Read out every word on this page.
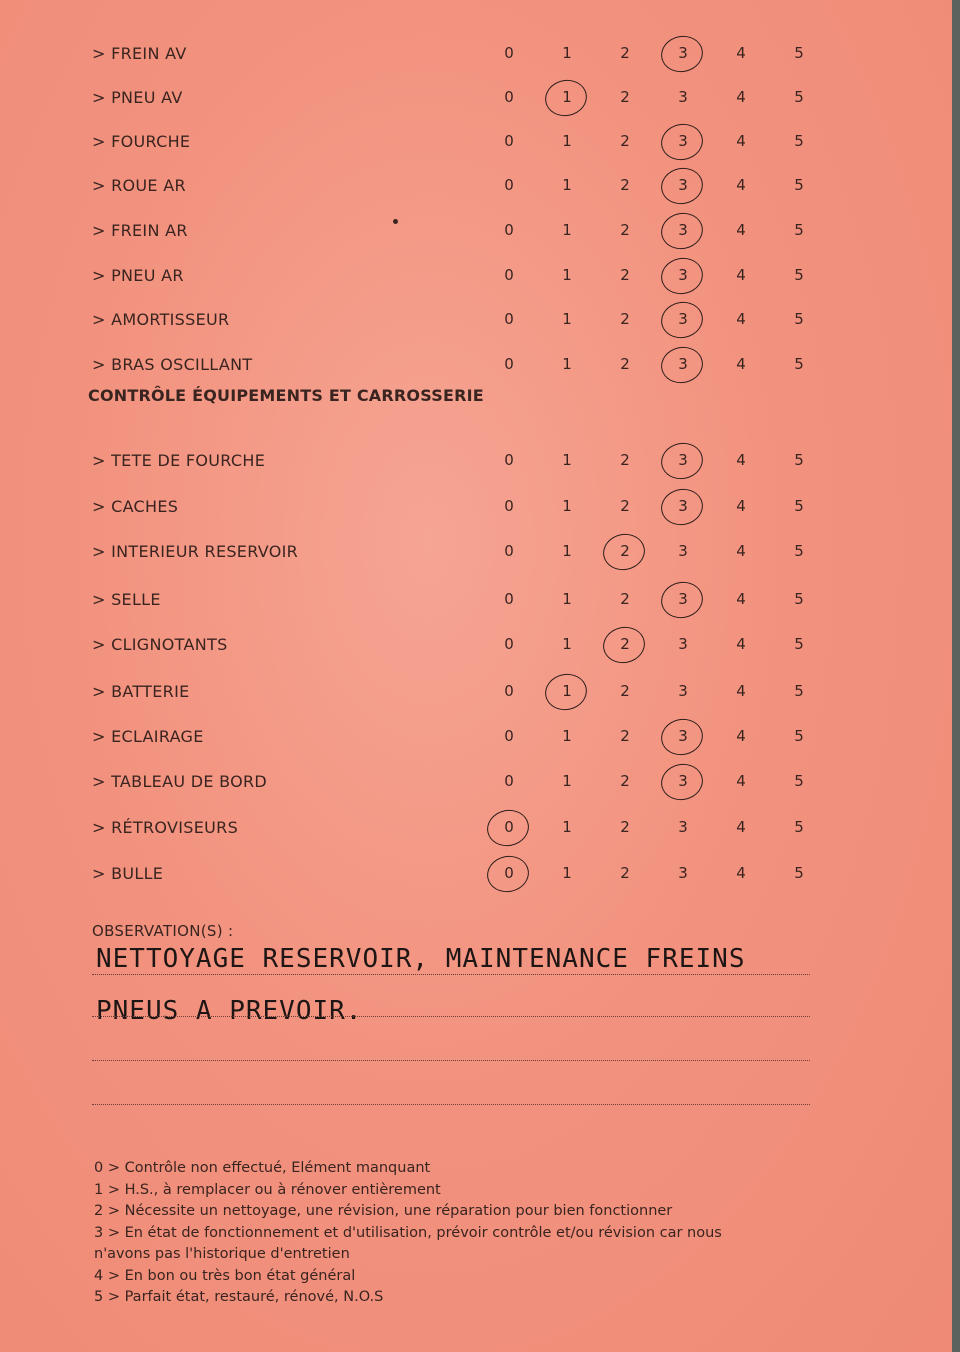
> FREIN AV	0	1	2	3	4	5
> PNEU AV	0	1	2	3	4	5
> FOURCHE	0	1	2	3	4	5
> ROUE AR	0	1	2	3	4	5
> FREIN AR	0	1	2	3	4	5
> PNEU AR	0	1	2	3	4	5
> AMORTISSEUR	0	1	2	3	4	5
> BRAS OSCILLANT	0	1	2	3	4	5
> TETE DE FOURCHE	0	1	2	3	4	5
> CACHES	0	1	2	3	4	5
> INTERIEUR RESERVOIR	0	1	2	3	4	5
> SELLE	0	1	2	3	4	5
> CLIGNOTANTS	0	1	2	3	4	5
> BATTERIE	0	1	2	3	4	5
> ECLAIRAGE	0	1	2	3	4	5
> TABLEAU DE BORD	0	1	2	3	4	5
> RÉTROVISEURS	0	1	2	3	4	5
> BULLE	0	1	2	3	4	5
CONTRÔLE ÉQUIPEMENTS ET CARROSSERIE
OBSERVATION(S) :
NETTOYAGE RESERVOIR, MAINTENANCE FREINS
PNEUS A PREVOIR.
0 > Contrôle non effectué, Elément manquant
1 > H.S., à remplacer ou à rénover entièrement
2 > Nécessite un nettoyage, une révision, une réparation pour bien fonctionner
3 > En état de fonctionnement et d'utilisation, prévoir contrôle et/ou révision car nous
n'avons pas l'historique d'entretien
4 > En bon ou très bon état général
5 > Parfait état, restauré, rénové, N.O.S
